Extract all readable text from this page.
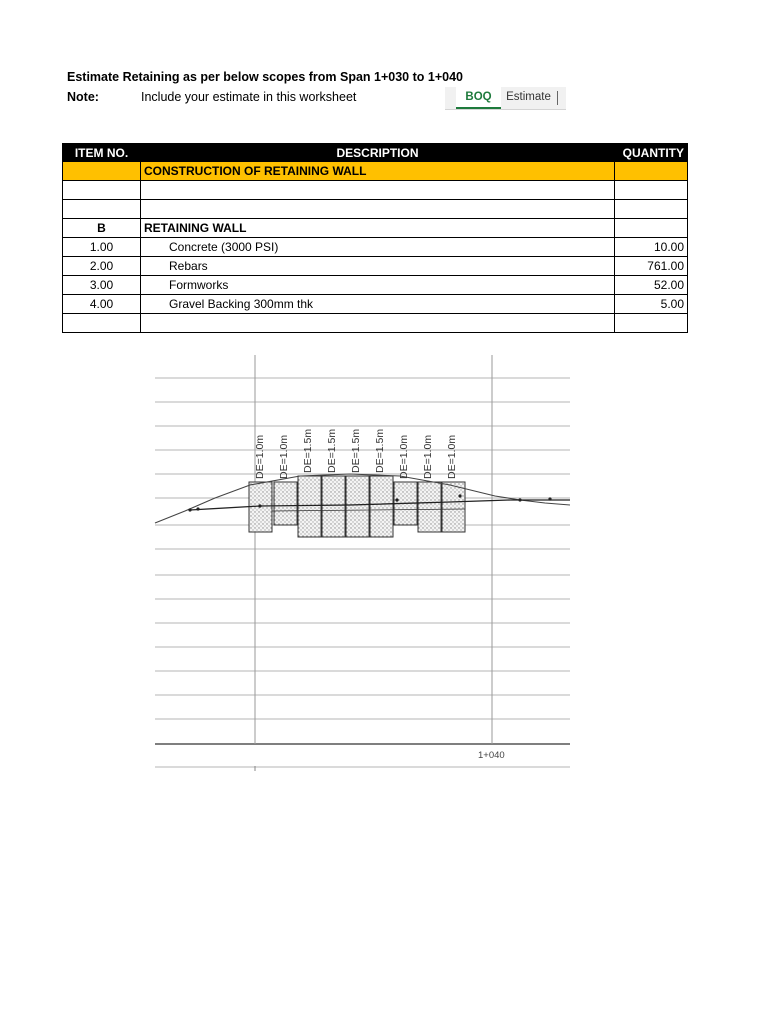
Estimate Retaining as per below scopes from Span 1+030 to 1+040
Note:	Include your estimate in this worksheet	BOQ	Estimate
ITEM NO.	DESCRIPTION	QUANTITY
	CONSTRUCTION OF RETAINING WALL	

B	RETAINING WALL	
1.00	Concrete (3000 PSI)	10.00
2.00	Rebars	761.00
3.00	Formworks	52.00
4.00	Gravel Backing 300mm thk	5.00

DE=1.0m DE=1.0m DE=1.5m DE=1.5m DE=1.5m DE=1.5m DE=1.0m DE=1.0m DE=1.0m
1+040
